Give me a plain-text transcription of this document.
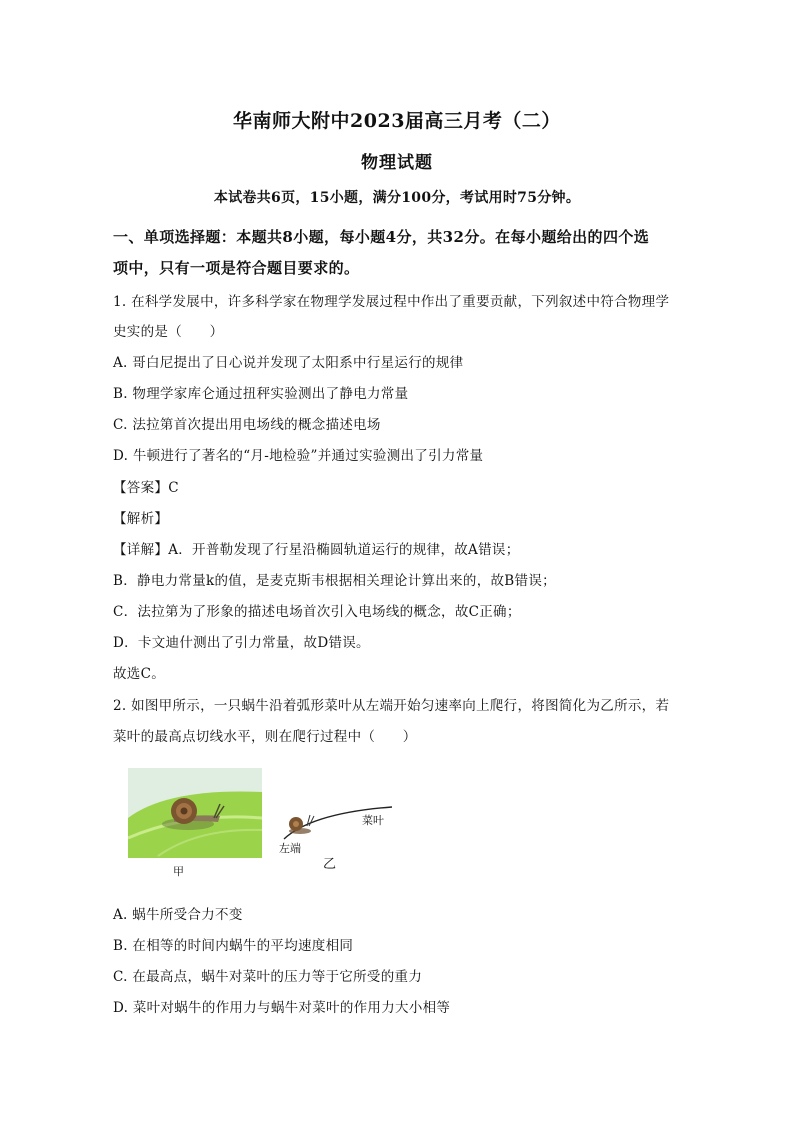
华南师大附中2023届高三月考（二）
物理试题
本试卷共6页，15小题，满分100分，考试用时75分钟。
一、单项选择题：本题共8小题，每小题4分，共32分。在每小题给出的四个选
项中，只有一项是符合题目要求的。
1. 在科学发展中，许多科学家在物理学发展过程中作出了重要贡献，下列叙述中符合物理学
史实的是（　　）
A. 哥白尼提出了日心说并发现了太阳系中行星运行的规律
B. 物理学家库仑通过扭秤实验测出了静电力常量
C. 法拉第首次提出用电场线的概念描述电场
D. 牛顿进行了著名的“月-地检验”并通过实验测出了引力常量
【答案】C
【解析】
【详解】A．开普勒发现了行星沿椭圆轨道运行的规律，故A错误；
B．静电力常量k的值，是麦克斯韦根据相关理论计算出来的，故B错误；
C．法拉第为了形象的描述电场首次引入电场线的概念，故C正确；
D．卡文迪什测出了引力常量，故D错误。
故选C。
2. 如图甲所示，一只蜗牛沿着弧形菜叶从左端开始匀速率向上爬行，将图简化为乙所示，若
菜叶的最高点切线水平，则在爬行过程中（　　）
甲
菜叶
左端
乙
A. 蜗牛所受合力不变
B. 在相等的时间内蜗牛的平均速度相同
C. 在最高点，蜗牛对菜叶的压力等于它所受的重力
D. 菜叶对蜗牛的作用力与蜗牛对菜叶的作用力大小相等
